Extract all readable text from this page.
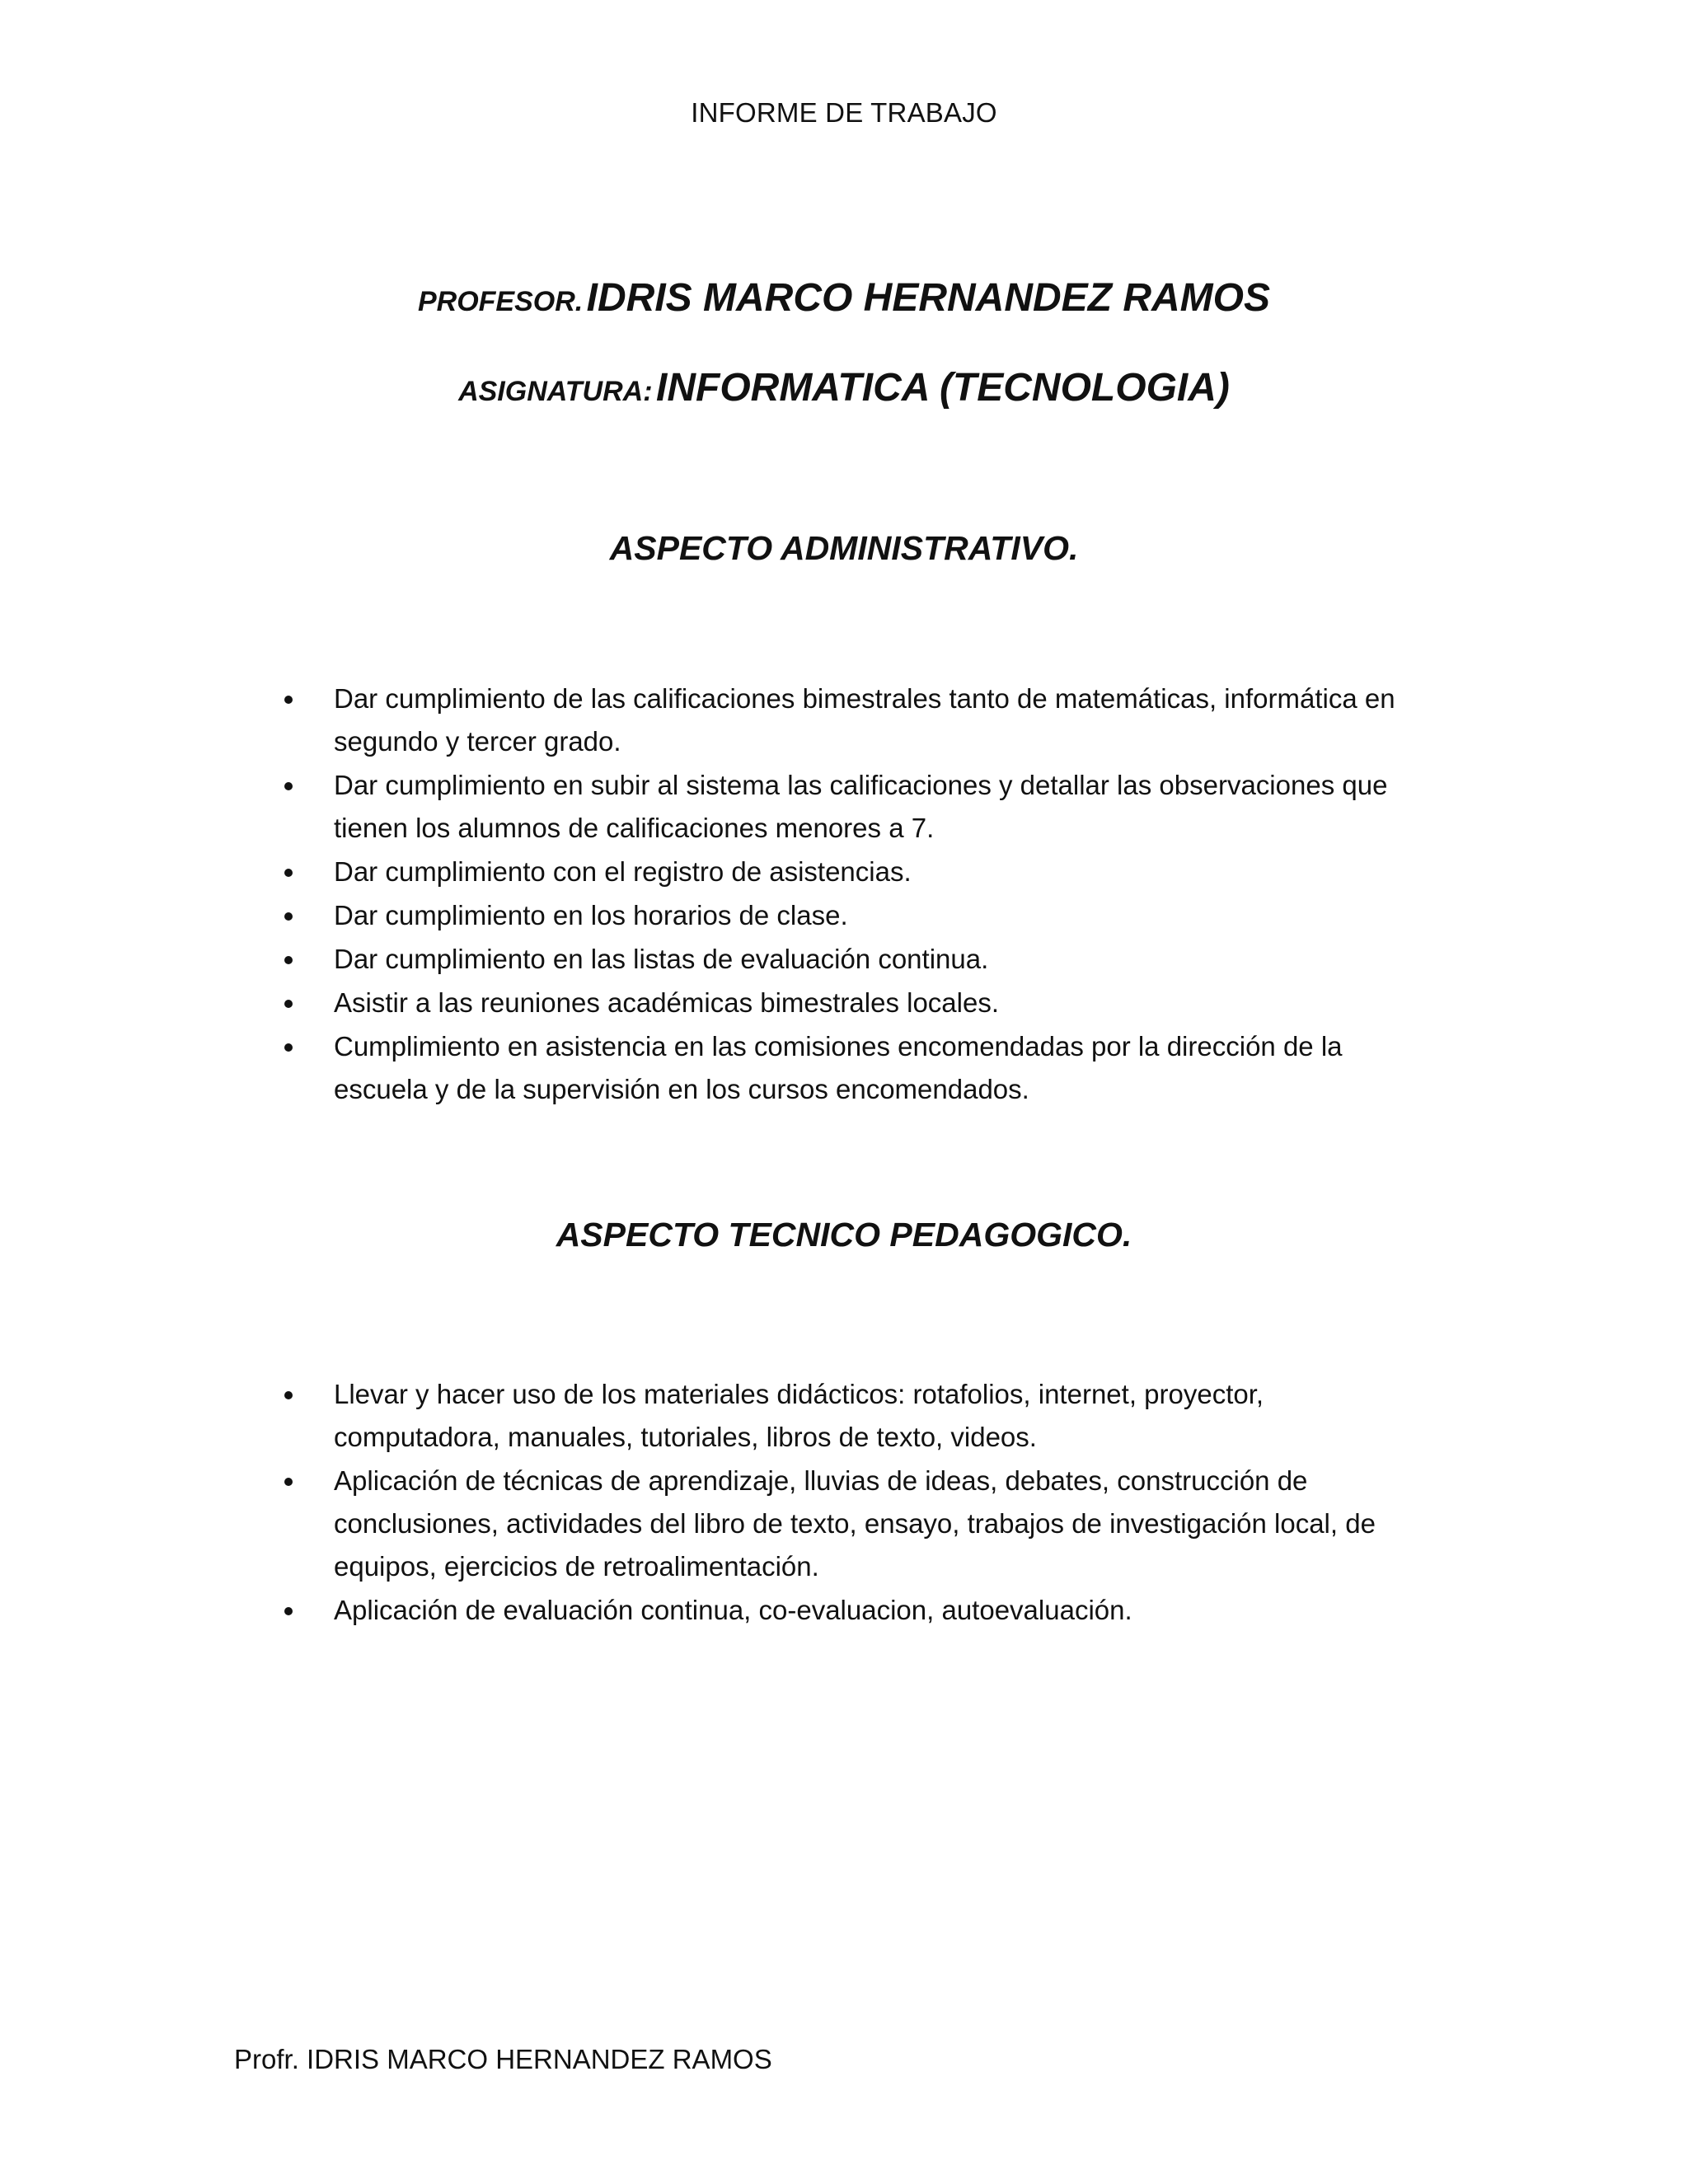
INFORME DE TRABAJO
PROFESOR. IDRIS MARCO HERNANDEZ RAMOS
ASIGNATURA: INFORMATICA (TECNOLOGIA)
ASPECTO ADMINISTRATIVO.
Dar cumplimiento de las calificaciones bimestrales tanto de matemáticas, informática en segundo y tercer grado.
Dar cumplimiento en subir al sistema las calificaciones y detallar las observaciones que tienen los alumnos de calificaciones menores a 7.
Dar cumplimiento con el registro de asistencias.
Dar cumplimiento en los horarios de clase.
Dar cumplimiento en las listas de evaluación continua.
Asistir a las reuniones académicas bimestrales locales.
Cumplimiento en asistencia en las comisiones encomendadas por la dirección de la escuela y de la supervisión en los cursos encomendados.
ASPECTO TECNICO PEDAGOGICO.
Llevar y hacer uso de los materiales didácticos: rotafolios, internet, proyector, computadora, manuales, tutoriales, libros de texto, videos.
Aplicación de técnicas de aprendizaje, lluvias de ideas, debates, construcción de conclusiones, actividades del libro de texto, ensayo, trabajos de investigación local, de equipos, ejercicios de retroalimentación.
Aplicación de evaluación continua, co-evaluacion, autoevaluación.
Profr. IDRIS MARCO HERNANDEZ RAMOS
